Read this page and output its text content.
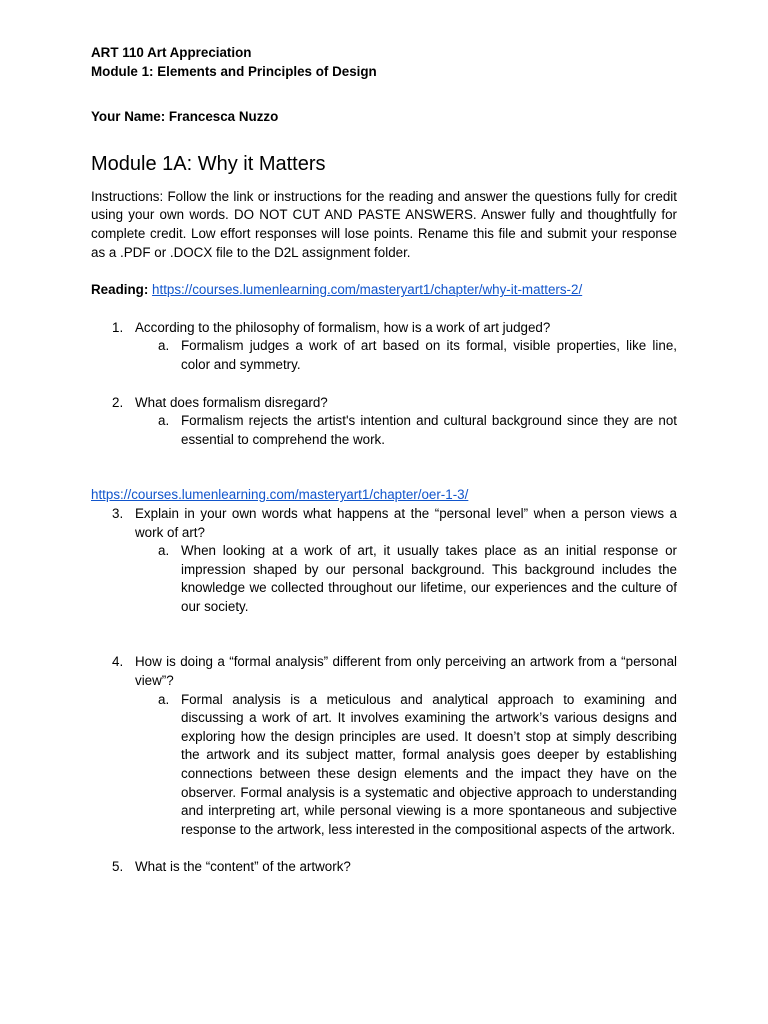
ART 110 Art Appreciation
Module 1: Elements and Principles of Design
Your Name: Francesca Nuzzo
Module 1A: Why it Matters
Instructions: Follow the link or instructions for the reading and answer the questions fully for credit using your own words. DO NOT CUT AND PASTE ANSWERS. Answer fully and thoughtfully for complete credit. Low effort responses will lose points. Rename this file and submit your response as a .PDF or .DOCX file to the D2L assignment folder.
Reading: https://courses.lumenlearning.com/masteryart1/chapter/why-it-matters-2/
1. According to the philosophy of formalism, how is a work of art judged?
a. Formalism judges a work of art based on its formal, visible properties, like line, color and symmetry.
2. What does formalism disregard?
a. Formalism rejects the artist's intention and cultural background since they are not essential to comprehend the work.
https://courses.lumenlearning.com/masteryart1/chapter/oer-1-3/
3. Explain in your own words what happens at the “personal level” when a person views a work of art?
a. When looking at a work of art, it usually takes place as an initial response or impression shaped by our personal background. This background includes the knowledge we collected throughout our lifetime, our experiences and the culture of our society.
4. How is doing a “formal analysis” different from only perceiving an artwork from a “personal view”?
a. Formal analysis is a meticulous and analytical approach to examining and discussing a work of art. It involves examining the artwork’s various designs and exploring how the design principles are used. It doesn’t stop at simply describing the artwork and its subject matter, formal analysis goes deeper by establishing connections between these design elements and the impact they have on the observer. Formal analysis is a systematic and objective approach to understanding and interpreting art, while personal viewing is a more spontaneous and subjective response to the artwork, less interested in the compositional aspects of the artwork.
5. What is the “content” of the artwork?
